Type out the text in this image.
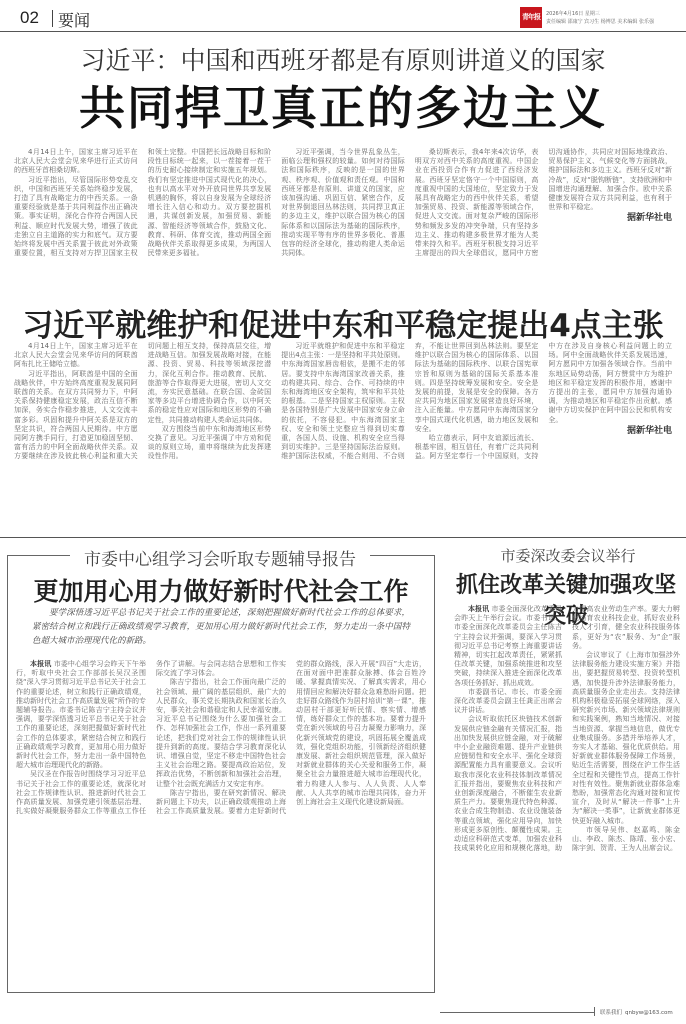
02 要闻	青年报	2026年4月16日 星期三
责任编辑 邵康宁 宾习生 杨博思 美术编辑 张乐强
习近平：中国和西班牙都是有原则讲道义的国家
共同捍卫真正的多边主义

4月14日上午，国家主席习近平在北京人民大会堂会见来华进行正式访问的西班牙首相桑切斯。

习近平指出，尽管国际形势变乱交织，中国和西班牙关系始终稳步发展，打造了具有战略定力的中西关系。一条重要经验就是基于共同利益作出正确决策。事实证明，深化合作符合两国人民利益、顺应时代发展大势，增强了彼此走独立自主道路的实力和底气。双方要始终将发展中西关系置于彼此对外政策重要位置，相互支持对方捍卫国家主权和领土完整。中国把长远战略目标和阶段性目标统一起来，以一茬接着一茬干的历史耐心接续制定和实施五年规划。我们有坚定推进中国式现代化的决心，也有以高水平对外开放同世界共享发展机遇的胸怀，将以自身发展为全球经济增长注入信心和动力。双方要挖掘机遇，共谋创新发展，加强贸易、新能源、智能经济等领域合作，鼓励文化、教育、科研、体育交流，推动两国全面战略伙伴关系取得更多成果，为两国人民带来更多福祉。

习近平强调，当今世界乱象丛生，面临公理和强权的较量。如何对待国际法和国际秩序，反映的是一国的世界观、秩序观、价值观和责任观。中国和西班牙都是有原则、讲道义的国家，应该加强沟通、巩固互信、紧密合作，反对世界倒退回丛林法则，共同捍卫真正的多边主义，维护以联合国为核心的国际体系和以国际法为基础的国际秩序，推动实现平等有序的世界多极化、普惠包容的经济全球化，推动构建人类命运共同体。

桑切斯表示，我4年来4次访华，表明双方对西中关系的高度重视。中国企业在西投资合作有力促进了西经济发展。西班牙坚定恪守一个中国原则，高度重视中国的大国地位，坚定致力于发展具有战略定力的西中伙伴关系，希望加强贸易、投资、新能源等领域合作，促进人文交流。面对复杂严峻的国际形势和频发多发的冲突争端，只有坚持多边主义、推动构建多极世界才能为人类带来持久和平。西班牙积极支持习近平主席提出的四大全球倡议，愿同中方密切沟通协作，共同应对国际地缘政治、贸易保护主义、气候变化等方面挑战，维护国际法和多边主义。西班牙反对“新冷战”，反对“脱钩断链”，支持欧洲和中国增进沟通理解、加强合作。欧中关系健康发展符合双方共同利益，也有利于世界和平稳定。

据新华社电

习近平就维护和促进中东和平稳定提出4点主张

4月14日上午，国家主席习近平在北京人民大会堂会见来华访问的阿联酋阿布扎比王储哈立德。

习近平指出，阿联酋是中国的全面战略伙伴，中方始终高度重视发展同阿联酋的关系。在双方共同努力下，中阿关系保持健康稳定发展，政治互信不断加深，务实合作稳步推进，人文交流丰富多彩。巩固和提升中阿关系是双方的坚定共识，符合两国人民期待。中方愿同阿方携手同行，打造更加稳固坚韧、富有活力的中阿全面战略伙伴关系。双方要继续在涉及彼此核心利益和重大关切问题上相互支持，保持高层交往，增进战略互信。加强发展战略对接，在能源、投资、贸易、科技等领域深挖潜力，深化互利合作。推动教育、民航、旅游等合作取得更大进展，密切人文交流，夯实民意基础。在联合国、金砖国家等多边平台增进协调合作，以中阿关系的稳定性应对国际和地区形势的不确定性，共同推动构建人类命运共同体。

双方围绕当前中东和海湾地区形势交换了意见。习近平强调了中方劝和促谈的原则立场，重申将继续为此发挥建设性作用。

习近平就维护和促进中东和平稳定提出4点主张：一是坚持和平共处原则。中东海湾国家唇齿相依，是搬不走的邻居。要支持中东海湾国家改善关系，推动构建共同、综合、合作、可持续的中东和海湾地区安全架构，筑牢和平共处的根基。二是坚持国家主权原则。主权是各国特别是广大发展中国家安身立命的依托，不容侵犯。中东海湾国家主权、安全和领土完整应当得到切实尊重，各国人员、设施、机构安全应当得到切实维护。三是坚持国际法治原则。维护国际法权威，不能合则用、不合则弃，不能让世界回到丛林法则。要坚定维护以联合国为核心的国际体系、以国际法为基础的国际秩序、以联合国宪章宗旨和原则为基础的国际关系基本准则。四是坚持统筹发展和安全。安全是发展的前提，发展是安全的保障。各方应共同为地区国家发展营造良好环境，注入正能量。中方愿同中东海湾国家分享中国式现代化机遇，助力地区发展和安全。

哈立德表示，阿中友谊源远流长、根基牢固，相互信任，有着广泛共同利益。阿方坚定奉行一个中国原则，支持中方在涉及自身核心利益问题上的立场。阿中全面战略伙伴关系发展迅速，阿方愿同中方加强各领域合作。当前中东地区局势动荡，阿方赞赏中方为维护地区和平稳定发挥的积极作用，感谢中方提出的主张，愿同中方加强沟通协调，为推动地区和平稳定作出贡献。感谢中方切实保护在阿中国公民和机构安全。

据新华社电

市委中心组学习会听取专题辅导报告
更加用心用力做好新时代社会工作
要学深悟透习近平总书记关于社会工作的重要论述，深刻把握做好新时代社会工作的总体要求，紧密结合树立和践行正确政绩观学习教育，更加用心用力做好新时代社会工作，努力走出一条中国特色超大城市治理现代化的新路。

本报讯 市委中心组学习会昨天下午举行，听取中央社会工作部部长吴汉圣围绕“深入学习贯彻习近平总书记关于社会工作的重要论述，树立和践行正确政绩观，推动新时代社会工作高质量发展”所作的专题辅导报告。市委书记陈吉宁主持会议并强调，要学深悟透习近平总书记关于社会工作的重要论述，深刻把握做好新时代社会工作的总体要求，紧密结合树立和践行正确政绩观学习教育，更加用心用力做好新时代社会工作，努力走出一条中国特色超大城市治理现代化的新路。

吴汉圣在作报告时围绕学习习近平总书记关于社会工作的重要论述，就深化对社会工作规律性认识、推进新时代社会工作高质量发展、加强党建引领基层治理、扎实做好凝聚服务群众工作等重点工作任务作了讲解。与会同志结合思想和工作实际交流了学习体会。

陈吉宁指出，社会工作面向最广泛的社会领域、最广阔的基层组织、最广大的人民群众，事关党长期执政和国家长治久安，事关社会和谐稳定和人民幸福安康。习近平总书记围绕为什么要加强社会工作、怎样加强社会工作，作出一系列重要论述，把我们党对社会工作的规律性认识提升到新的高度。要结合学习教育深化认识、增强自觉，坚定不移走中国特色社会主义社会治理之路。要提高政治站位，发挥政治优势，不断创新和加强社会治理，让整个社会既充满活力又安定有序。

陈吉宁指出，要在研究新情况、解决新问题上下功夫，以正确政绩观推动上海社会工作高质量发展。要着力走好新时代党的群众路线，深入开展“四百”大走访，在面对面中把准群众脉搏、体会百姓冷暖、掌握真情实况、了解真实需求，用心用情回应和解决好群众急难愁盼问题。把走好群众路线作为居村培训“第一课”，推动居村干部更好听民情、察实情、增感情，练好群众工作的基本功。要着力提升党在新兴领域的号召力凝聚力影响力，深化新兴领域党的建设，巩固拓展全覆盖成效，强化党组织功能，引领新经济组织健康发展、新社会组织规范管理，深入做好对新就业群体的关心关爱和服务工作，凝聚全社会力量推进超大城市治理现代化，着力构建人人参与、人人负责、人人奉献、人人共享的城市治理共同体，奋力开创上海社会主义现代化建设新局面。

市委深改委会议举行
抓住改革关键加强攻坚突破

本报讯 市委全面深化改革委员会昨天上午举行会议。市委书记、市委全面深化改革委员会主任陈吉宁主持会议并强调，要深入学习贯彻习近平总书记考察上海重要讲话精神，切实扛起改革责任，紧紧抓住改革关键，加强系统推进和攻坚突破，持续深入推进全面深化改革各项任务抓好、抓出成效。

市委副书记、市长、市委全面深化改革委员会副主任龚正出席会议并讲话。

会议听取依托区块链技术创新发展供应链金融有关情况汇报，指出加快发展供应链金融，对于破解中小企业融资难题、提升产业链供应链韧性和安全水平、强化全球资源配置能力具有重要意义。会议听取我市深化农业科技体制改革情况汇报并指出，要聚焦农业科技和产业创新深度融合，不断催生农业新质生产力。要聚焦现代特色种源、农业合成生物制造、农业设施装备等重点领域，强化应用导向，加快形成更多原创性、颠覆性成果。主动适应科研范式变革，加强农业科技成果转化应用和规模化落地，助力提高农业劳动生产率。要大力孵化培育农业科技企业，抓好农业科技人才引育，健全农业科技服务体系，更好为“农”服务、为“企”服务。

会议审议了《上海市加强涉外法律服务能力建设实施方案》并指出，要把握贸易转型、投资转型机遇，加快提升涉外法律服务能力，高质量服务企业走出去。支持法律机构积极稳妥拓展全球网络，深入研究新兴市场、新兴领域法律规则和实践案例，熟知当地情况、对接当地资源、掌握当地信息，做优专业集成服务。多措并举培养人才，夯实人才基础、强化优质供给。用好新就业群体服务保障工作场景，贴近生活需要，围绕在沪工作生活全过程和关键性节点，提高工作针对性有效性。聚焦新就业群体急难愁盼，加强常态化沟通对接和宣传宣介，及时从“解决一件事”上升为“解决一类事”，让新就业群体更快更好融入城市。

市领导吴伟、赵嘉鸣、陈金山、李政、陈杰、陈靖、张小宏、陈宇剑、贺青、王为人出席会议。

联系我们 qnbyw@163.com
